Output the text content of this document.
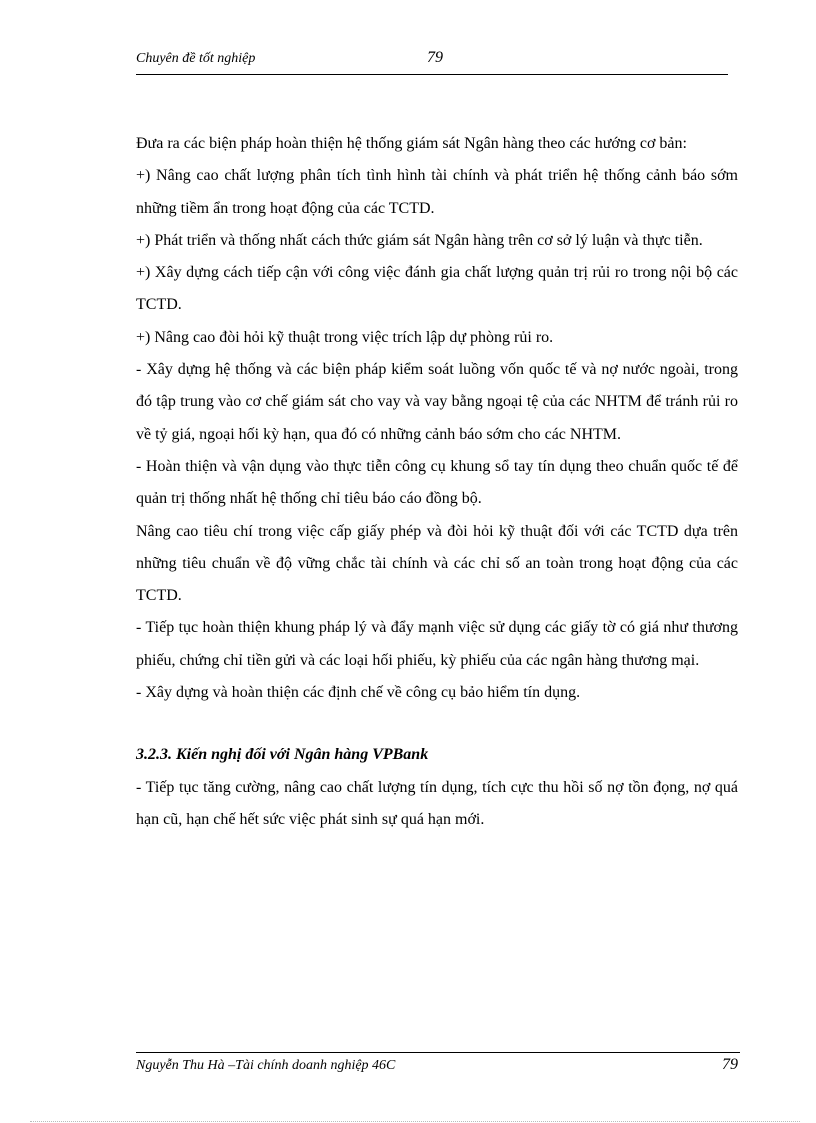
Chuyên đề tốt nghiệp	79

Đưa ra các biện pháp hoàn thiện hệ thống giám sát Ngân hàng theo các hướng cơ bản:

+) Nâng cao chất lượng phân tích tình hình tài chính và phát triển hệ thống cảnh báo sớm những tiềm ẩn trong hoạt động của các TCTD.

+) Phát triển và thống nhất cách thức giám sát Ngân hàng trên cơ sở lý luận và thực tiễn.

+) Xây dựng cách tiếp cận với công việc đánh gia chất lượng quản trị rủi ro trong nội bộ các TCTD.

+) Nâng cao đòi hỏi kỹ thuật trong việc trích lập dự phòng rủi ro.

- Xây dựng hệ thống và các biện pháp kiểm soát luồng vốn quốc tế và nợ nước ngoài, trong đó tập trung vào cơ chế giám sát cho vay và vay bằng ngoại tệ của các NHTM để tránh rủi ro về tỷ giá, ngoại hối kỳ hạn, qua đó có những cảnh báo sớm cho các NHTM.

- Hoàn thiện và vận dụng vào thực tiễn công cụ khung sổ tay tín dụng theo chuẩn quốc tế để quản trị thống nhất hệ thống chỉ tiêu báo cáo đồng bộ.

Nâng cao tiêu chí trong việc cấp giấy phép và đòi hỏi kỹ thuật đối với các TCTD dựa trên những tiêu chuẩn về độ vững chắc tài chính và các chỉ số an toàn trong hoạt động của các TCTD.

- Tiếp tục hoàn thiện khung pháp lý và đẩy mạnh việc sử dụng các giấy tờ có giá như thương phiếu, chứng chỉ tiền gửi và các loại hối phiếu, kỳ phiếu của các ngân hàng thương mại.

- Xây dựng và hoàn thiện các định chế về công cụ bảo hiểm tín dụng.

3.2.3. Kiến nghị đối với Ngân hàng VPBank

- Tiếp tục tăng cường, nâng cao chất lượng tín dụng, tích cực thu hồi số nợ tồn đọng, nợ quá hạn cũ, hạn chế hết sức việc phát sinh sự quá hạn mới.

Nguyễn Thu Hà –Tài chính doanh nghiệp 46C	79
